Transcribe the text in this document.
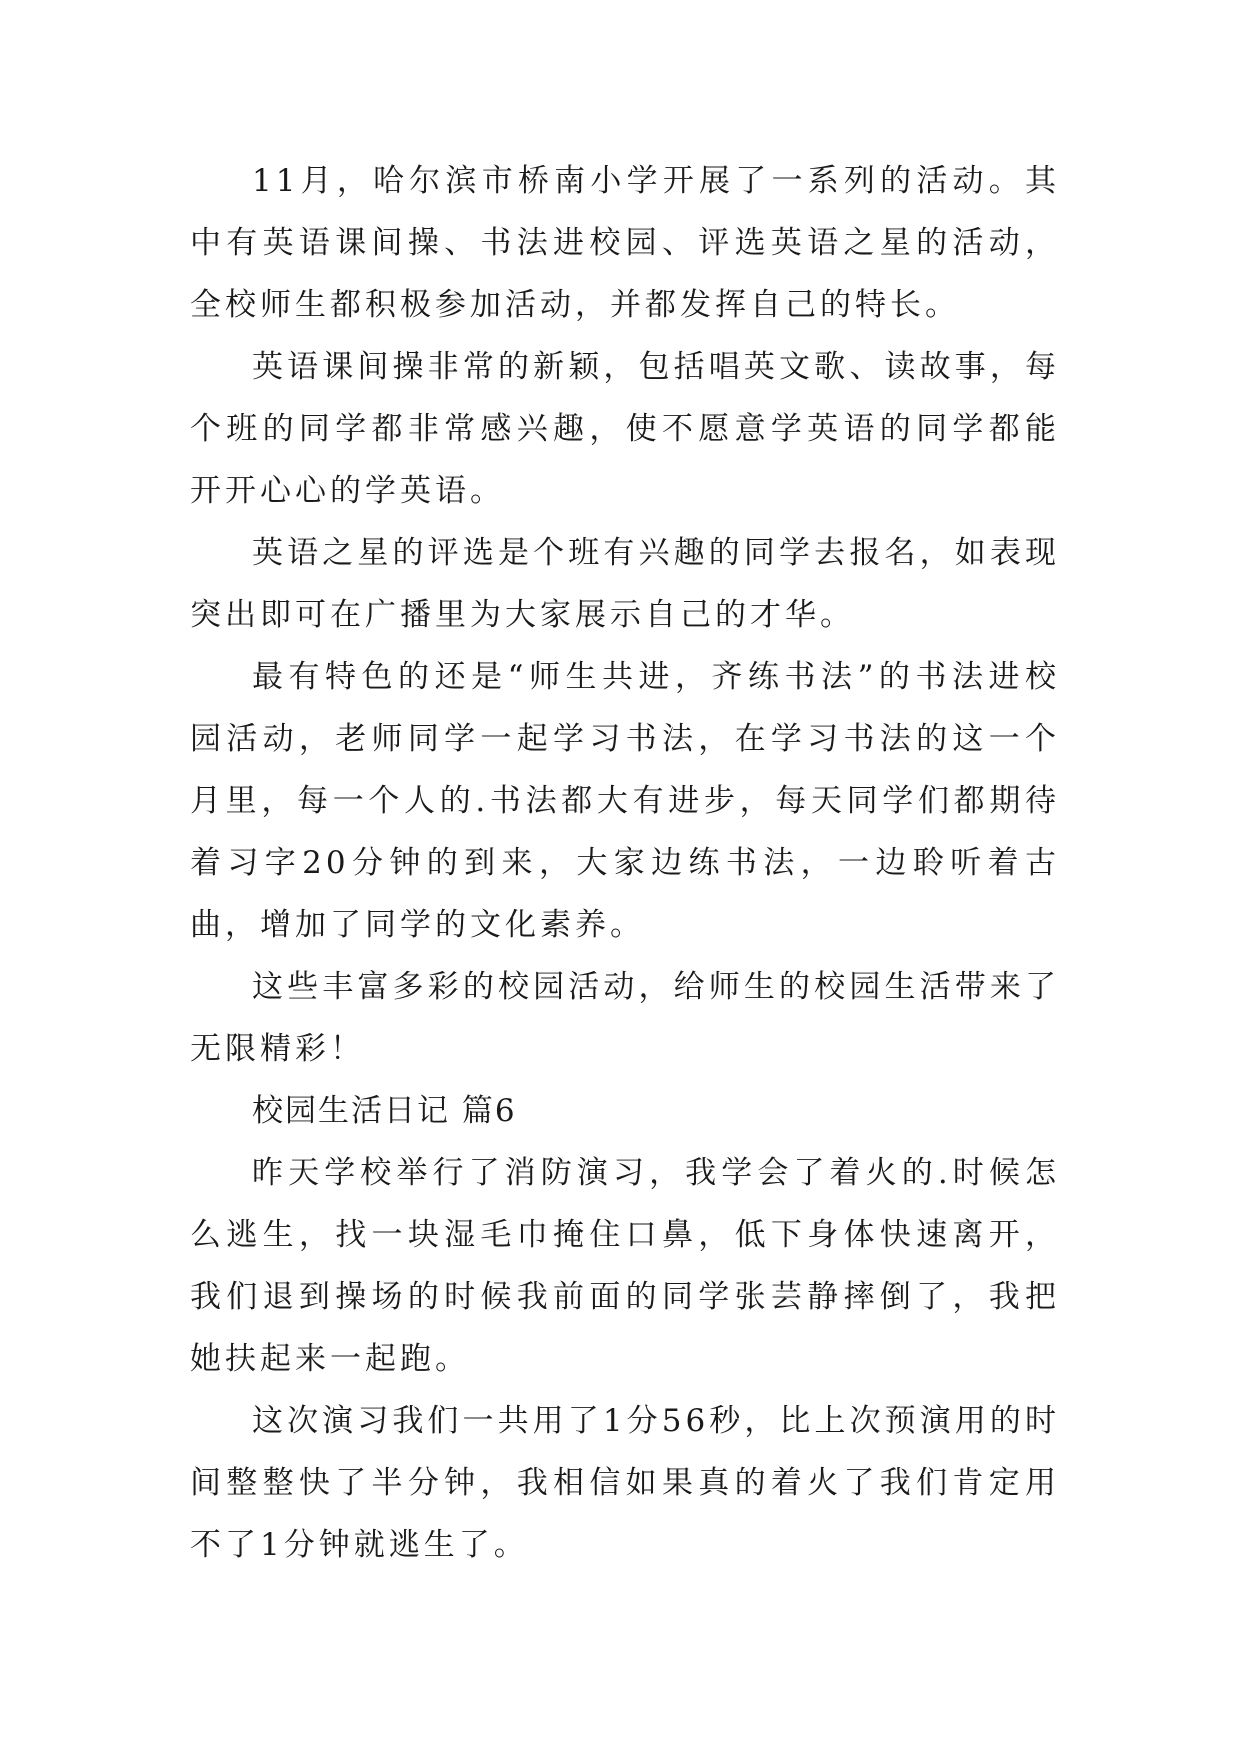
11月，哈尔滨市桥南小学开展了一系列的活动。其中有英语课间操、书法进校园、评选英语之星的活动，全校师生都积极参加活动，并都发挥自己的特长。

英语课间操非常的新颖，包括唱英文歌、读故事，每个班的同学都非常感兴趣，使不愿意学英语的同学都能开开心心的学英语。

英语之星的评选是个班有兴趣的同学去报名，如表现突出即可在广播里为大家展示自己的才华。

最有特色的还是“师生共进，齐练书法”的书法进校园活动，老师同学一起学习书法，在学习书法的这一个月里，每一个人的.书法都大有进步，每天同学们都期待着习字20分钟的到来，大家边练书法，一边聆听着古曲，增加了同学的文化素养。

这些丰富多彩的校园活动，给师生的校园生活带来了无限精彩！

校园生活日记 篇6

昨天学校举行了消防演习，我学会了着火的.时候怎么逃生，找一块湿毛巾掩住口鼻，低下身体快速离开，我们退到操场的时候我前面的同学张芸静摔倒了，我把她扶起来一起跑。

这次演习我们一共用了1分56秒，比上次预演用的时间整整快了半分钟，我相信如果真的着火了我们肯定用不了1分钟就逃生了。
